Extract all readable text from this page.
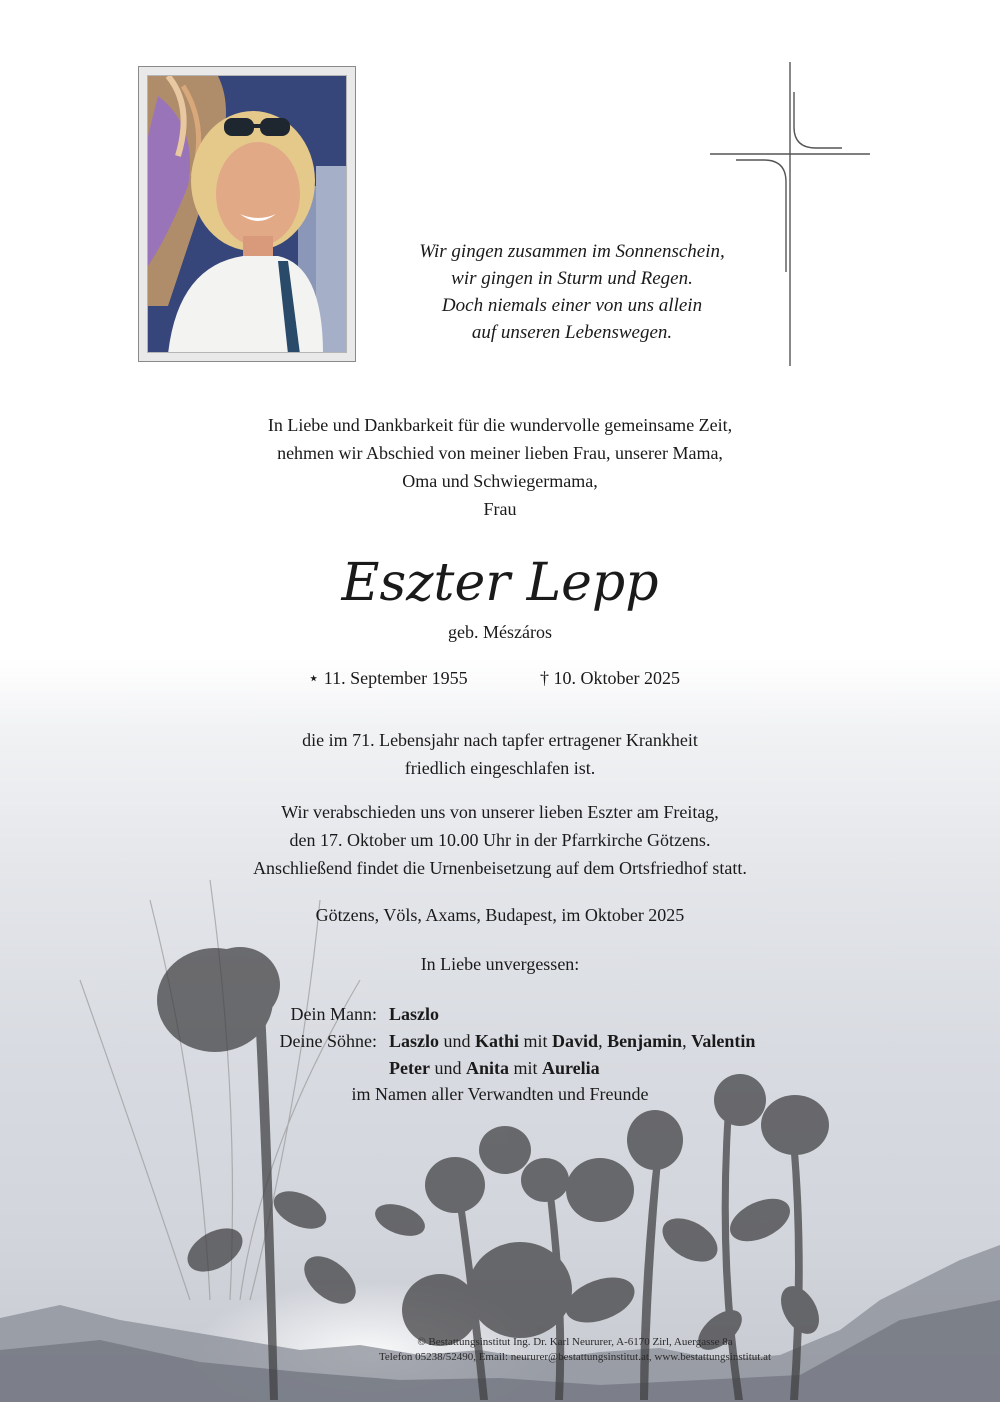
Wir gingen zusammen im Sonnenschein,
wir gingen in Sturm und Regen.
Doch niemals einer von uns allein
auf unseren Lebenswegen.
In Liebe und Dankbarkeit für die wundervolle gemeinsame Zeit,
nehmen wir Abschied von meiner lieben Frau, unserer Mama,
Oma und Schwiegermama,
Frau
Eszter Lepp
geb. Mészáros
⋆ 11. September 1955	† 10. Oktober 2025
die im 71. Lebensjahr nach tapfer ertragener Krankheit
friedlich eingeschlafen ist.
Wir verabschieden uns von unserer lieben Eszter am Freitag,
den 17. Oktober um 10.00 Uhr in der Pfarrkirche Götzens.
Anschließend findet die Urnenbeisetzung auf dem Ortsfriedhof statt.
Götzens, Völs, Axams, Budapest, im Oktober 2025
In Liebe unvergessen:
Dein Mann: Laszlo
Deine Söhne: Laszlo und Kathi mit David, Benjamin, Valentin
Peter und Anita mit Aurelia
im Namen aller Verwandten und Freunde
© Bestattungsinstitut Ing. Dr. Karl Neururer, A-6170 Zirl, Auergasse 8a
Telefon 05238/52490, Email: neururer@bestattungsinstitut.at, www.bestattungsinstitut.at
